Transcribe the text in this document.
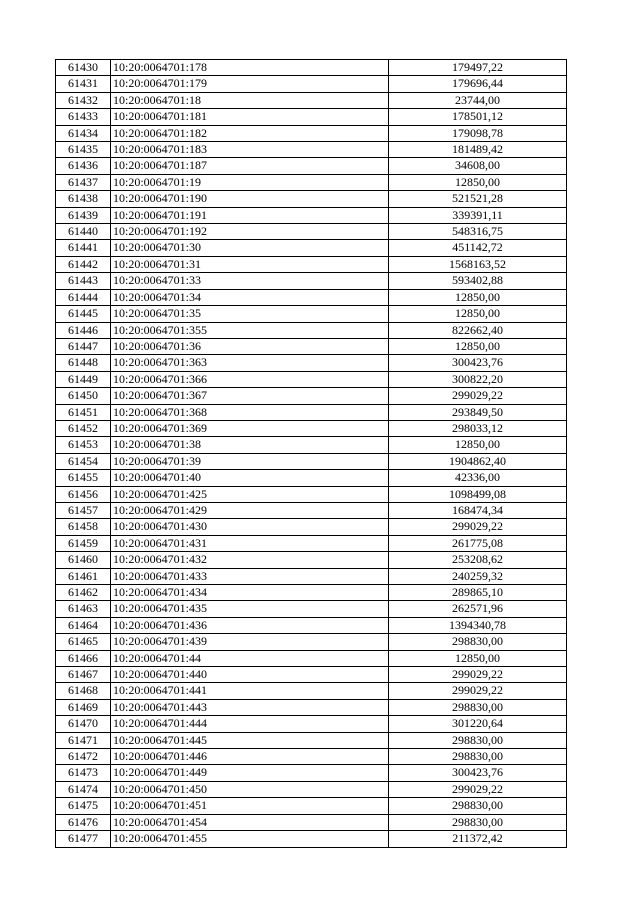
61430	10:20:0064701:178	179497,22
61431	10:20:0064701:179	179696,44
61432	10:20:0064701:18	23744,00
61433	10:20:0064701:181	178501,12
61434	10:20:0064701:182	179098,78
61435	10:20:0064701:183	181489,42
61436	10:20:0064701:187	34608,00
61437	10:20:0064701:19	12850,00
61438	10:20:0064701:190	521521,28
61439	10:20:0064701:191	339391,11
61440	10:20:0064701:192	548316,75
61441	10:20:0064701:30	451142,72
61442	10:20:0064701:31	1568163,52
61443	10:20:0064701:33	593402,88
61444	10:20:0064701:34	12850,00
61445	10:20:0064701:35	12850,00
61446	10:20:0064701:355	822662,40
61447	10:20:0064701:36	12850,00
61448	10:20:0064701:363	300423,76
61449	10:20:0064701:366	300822,20
61450	10:20:0064701:367	299029,22
61451	10:20:0064701:368	293849,50
61452	10:20:0064701:369	298033,12
61453	10:20:0064701:38	12850,00
61454	10:20:0064701:39	1904862,40
61455	10:20:0064701:40	42336,00
61456	10:20:0064701:425	1098499,08
61457	10:20:0064701:429	168474,34
61458	10:20:0064701:430	299029,22
61459	10:20:0064701:431	261775,08
61460	10:20:0064701:432	253208,62
61461	10:20:0064701:433	240259,32
61462	10:20:0064701:434	289865,10
61463	10:20:0064701:435	262571,96
61464	10:20:0064701:436	1394340,78
61465	10:20:0064701:439	298830,00
61466	10:20:0064701:44	12850,00
61467	10:20:0064701:440	299029,22
61468	10:20:0064701:441	299029,22
61469	10:20:0064701:443	298830,00
61470	10:20:0064701:444	301220,64
61471	10:20:0064701:445	298830,00
61472	10:20:0064701:446	298830,00
61473	10:20:0064701:449	300423,76
61474	10:20:0064701:450	299029,22
61475	10:20:0064701:451	298830,00
61476	10:20:0064701:454	298830,00
61477	10:20:0064701:455	211372,42
